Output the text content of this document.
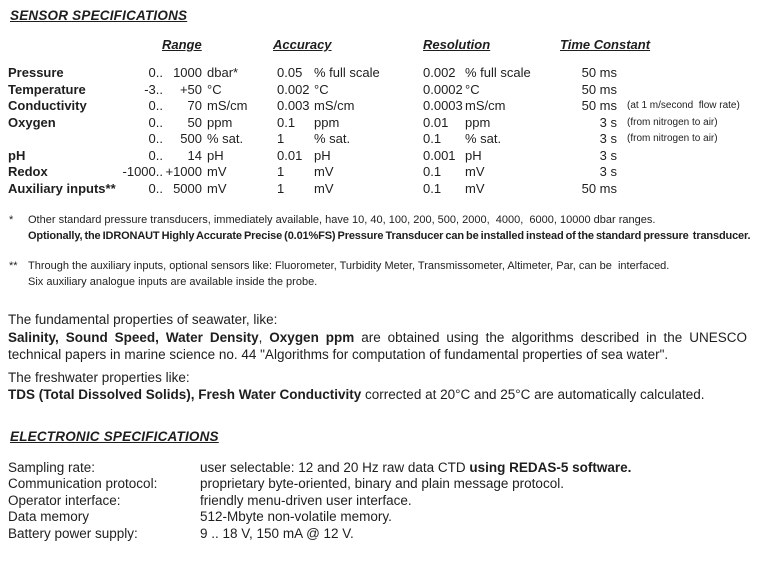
SENSOR SPECIFICATIONS
Range	Accuracy	Resolution	Time Constant
Pressure	0.. 1000 dbar*	0.05 % full scale	0.002 % full scale	50 ms
Temperature	-3..	+50 °C	0.002 °C	0.0002 °C	50 ms
Conductivity	0..	70 mS/cm	0.003 mS/cm	0.0003 mS/cm	50 ms	(at 1 m/second  flow rate)
Oxygen	0..	50 ppm	0.1	ppm	0.01	ppm	3 s	(from nitrogen to air)
0..	500 % sat.	1	% sat.	0.1	% sat.	3 s	(from nitrogen to air)
pH	0..	14 pH	0.01 pH	0.001 pH	3 s
Redox	-1000.. +1000 mV	1	mV	0.1	mV	3 s
Auxiliary inputs**	0.. 5000 mV	1	mV	0.1	mV	50 ms
*	Other standard pressure transducers, immediately available, have 10, 40, 100, 200, 500, 2000,  4000,  6000, 10000 dbar ranges.
Optionally, the IDRONAUT Highly Accurate Precise (0.01%FS) Pressure Transducer can be installed instead of the standard pressure  transducer.
** Through the auxiliary inputs, optional sensors like: Fluorometer, Turbidity Meter, Transmissometer, Altimeter, Par, can be  interfaced.
Six auxiliary analogue inputs are available inside the probe.

The fundamental properties of seawater, like:
Salinity, Sound Speed, Water Density, Oxygen ppm are obtained using the algorithms described in the UNESCO technical papers in marine science no. 44 "Algorithms for computation of fundamental properties of sea water".

The freshwater properties like:
TDS (Total Dissolved Solids), Fresh Water Conductivity corrected at 20°C and 25°C are automatically calculated.

ELECTRONIC SPECIFICATIONS
Sampling rate:	user selectable: 12 and 20 Hz raw data CTD using REDAS-5 software.
Communication protocol:	proprietary byte-oriented, binary and plain message protocol.
Operator interface:	friendly menu-driven user interface.
Data memory	512-Mbyte non-volatile memory.
Battery power supply:	9 .. 18 V, 150 mA @ 12 V.
